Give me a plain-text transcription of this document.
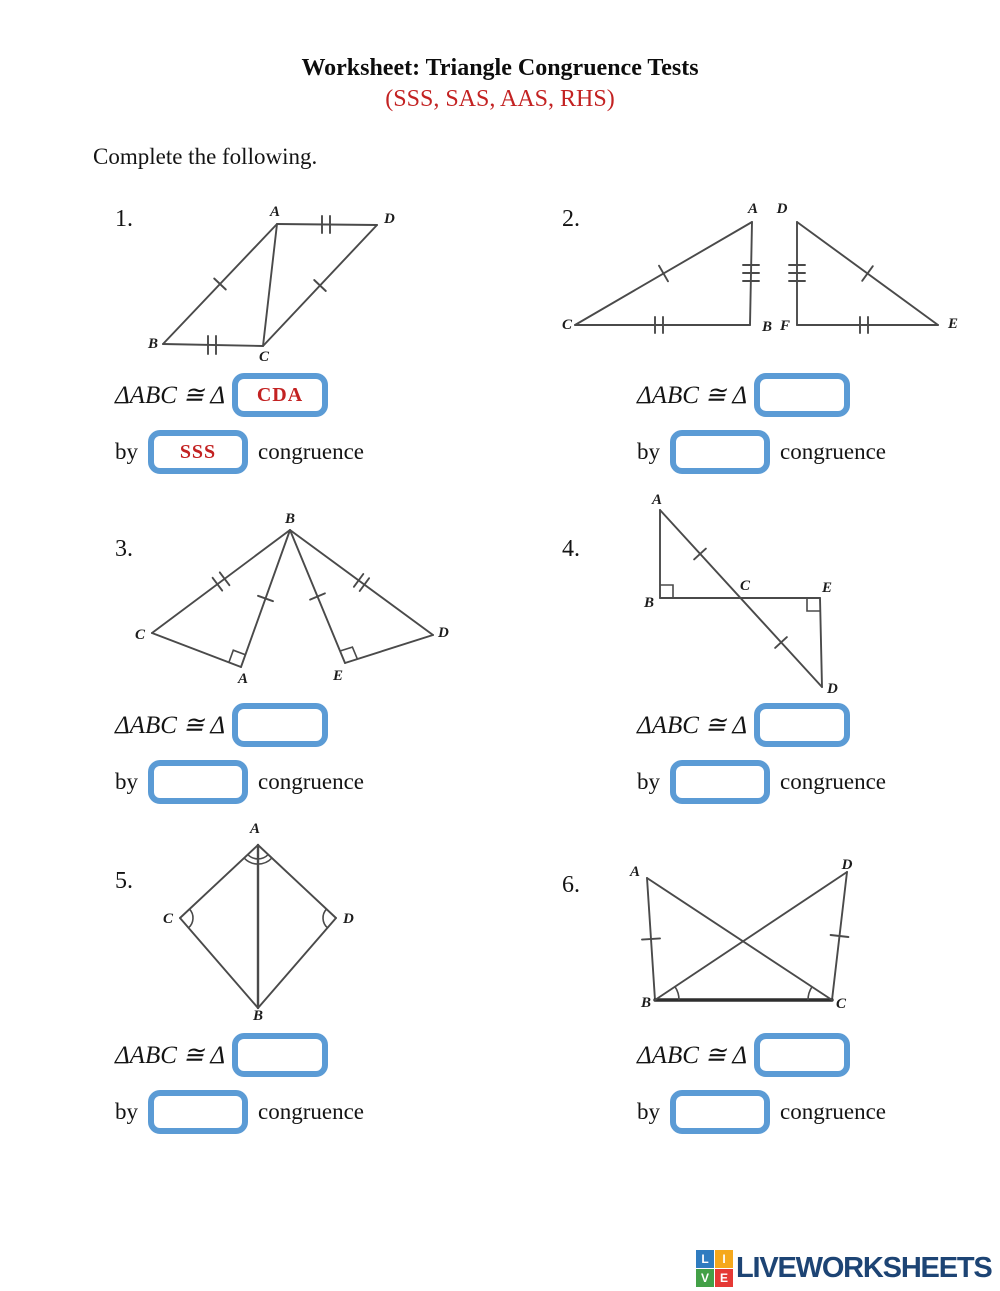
Worksheet: Triangle Congruence Tests
(SSS, SAS, AAS, RHS)
Complete the following.
1.	A	D
B
C
2.	A D
C	B F	E
3.
B
C
A	E
D
4.
A
B
C	E
D
5.
A
C	D
B
6.	A	D
B	C
ΔABC ≅ Δ CDA
by SSS congruence
ΔABC ≅ Δ
by	congruence
ΔABC ≅ Δ
by	congruence
ΔABC ≅ Δ
by	congruence
ΔABC ≅ Δ
by	congruence
ΔABC ≅ Δ
by	congruence
L	I
V E LIVEWORKSHEETS
